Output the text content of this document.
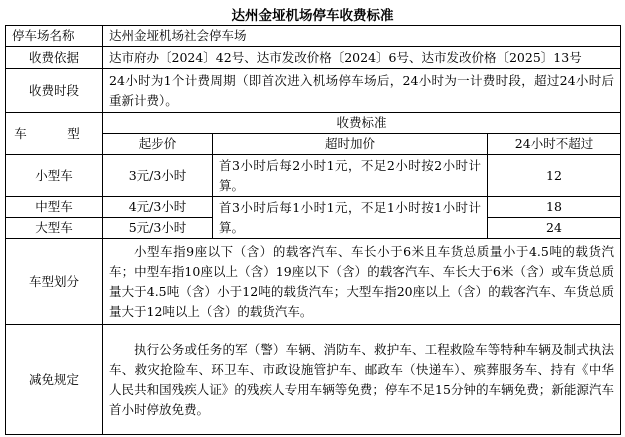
达州金垭机场停车收费标准
停车场名称	达州金垭机场社会停车场		
收费依据	达市府办〔2024〕42号、达市发改价格〔2024〕6号、达市发改价格〔2025〕13号		
收费时段	24小时为1个计费周期（即首次进入机场停车场后，24小时为一计费时段，超过24小时后重新计费）。		
车　型	收费标准		
	起步价	超时加价	24小时不超过
小型车	3元/3小时	首3小时后每2小时1元，不足2小时按2小时计算。	12
中型车	4元/3小时	首3小时后每1小时1元，不足1小时按1小时计算。	18
大型车	5元/3小时		24
车型划分	小型车指9座以下（含）的载客汽车、车长小于6米且车货总质量小于4.5吨的载货汽车；中型车指10座以上（含）19座以下（含）的载客汽车、车长大于6米（含）或车货总质量大于4.5吨（含）小于12吨的载货汽车；大型车指20座以上（含）的载客汽车、车货总质量大于12吨以上（含）的载货汽车。		
减免规定	执行公务或任务的军（警）车辆、消防车、救护车、工程救险车等特种车辆及制式执法车、救灾抢险车、环卫车、市政设施管护车、邮政车（快递车）、殡葬服务车、持有《中华人民共和国残疾人证》的残疾人专用车辆等免费；停车不足15分钟的车辆免费；新能源汽车首小时停放免费。		
